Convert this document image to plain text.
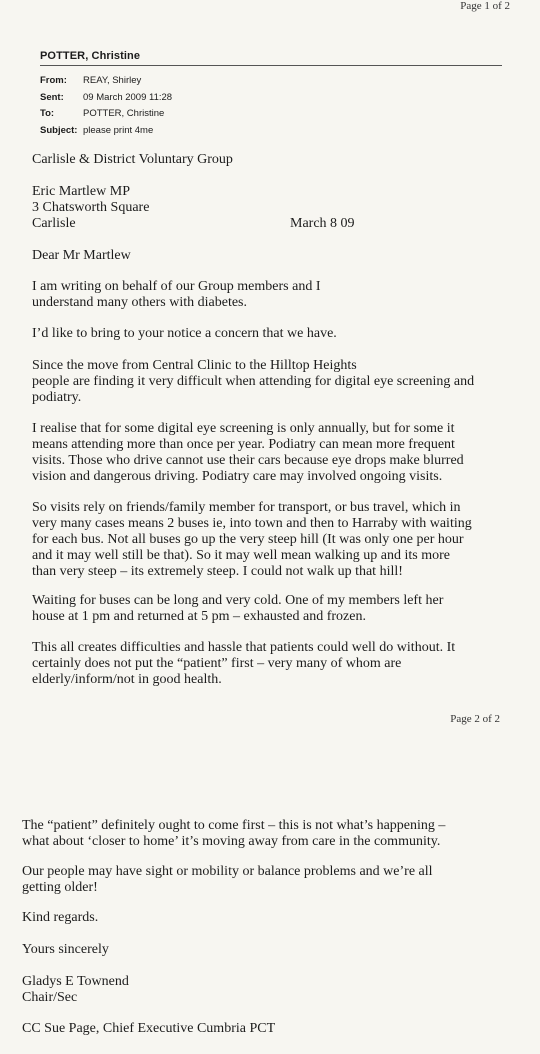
Page 1 of 2
POTTER, Christine
From:	REAY, Shirley
Sent:	09 March 2009 11:28
To:	POTTER, Christine
Subject: please print 4me
Carlisle & District Voluntary Group
Eric Martlew MP
3 Chatsworth Square
Carlisle	March 8 09
Dear Mr Martlew
I am writing on behalf of our Group members and I
understand many others with diabetes.
I’d like to bring to your notice a concern that we have.
Since the move from Central Clinic to the Hilltop Heights
people are finding it very difficult when attending for digital eye screening and
podiatry.
I realise that for some digital eye screening is only annually, but for some it
means attending more than once per year. Podiatry can mean more frequent
visits. Those who drive cannot use their cars because eye drops make blurred
vision and dangerous driving. Podiatry care may involved ongoing visits.
So visits rely on friends/family member for transport, or bus travel, which in
very many cases means 2 buses ie, into town and then to Harraby with waiting
for each bus. Not all buses go up the very steep hill (It was only one per hour
and it may well still be that). So it may well mean walking up and its more
than very steep – its extremely steep. I could not walk up that hill!
Waiting for buses can be long and very cold. One of my members left her
house at 1 pm and returned at 5 pm – exhausted and frozen.
This all creates difficulties and hassle that patients could well do without. It
certainly does not put the “patient” first – very many of whom are
elderly/inform/not in good health.
Page 2 of 2
The “patient” definitely ought to come first – this is not what’s happening –
what about ‘closer to home’ it’s moving away from care in the community.
Our people may have sight or mobility or balance problems and we’re all
getting older!
Kind regards.
Yours sincerely
Gladys E Townend
Chair/Sec
CC Sue Page, Chief Executive Cumbria PCT
